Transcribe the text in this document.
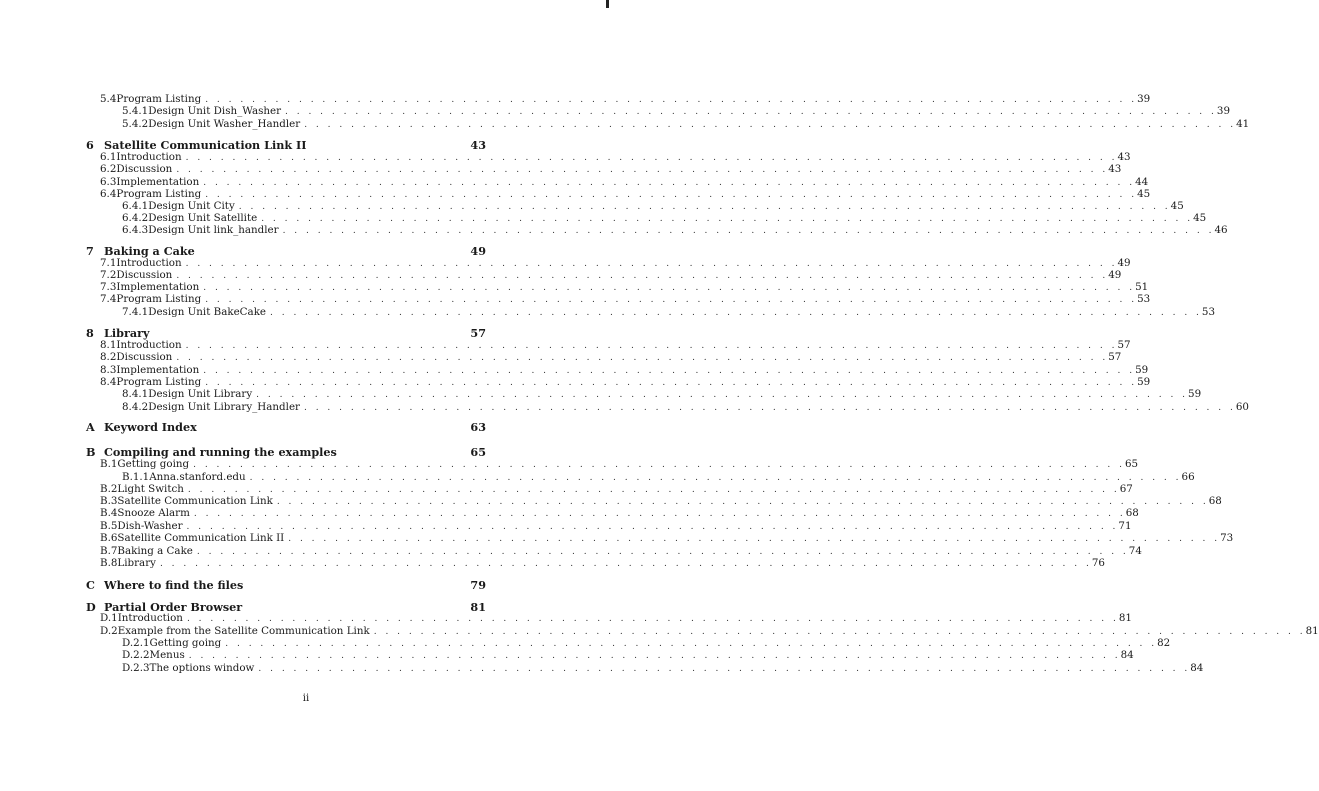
5.4 Program Listing . . . . . . . . . . . . . . . . . . . . . . . . . . . . . . . . . . . . . . . . . . . . . . . . . . . . . . . . . . . . . . . . . . . . . . . . . . . . . . . . 39
5.4.1 Design Unit Dish_Washer . . . . . . . . . . . . . . . . . . . . . . . . . . . . . . . . . . . . . . . . . . . . . . . . . . . . . . . . . . . . . . . . . . . . . . . . . . . . . . . . 39
5.4.2 Design Unit Washer_Handler . . . . . . . . . . . . . . . . . . . . . . . . . . . . . . . . . . . . . . . . . . . . . . . . . . . . . . . . . . . . . . . . . . . . . . . . . . . . . . . . 41
6 Satellite Communication Link II	43
6.1 Introduction . . . . . . . . . . . . . . . . . . . . . . . . . . . . . . . . . . . . . . . . . . . . . . . . . . . . . . . . . . . . . . . . . . . . . . . . . . . . . . . . 43
6.2 Discussion . . . . . . . . . . . . . . . . . . . . . . . . . . . . . . . . . . . . . . . . . . . . . . . . . . . . . . . . . . . . . . . . . . . . . . . . . . . . . . . . 43
6.3 Implementation . . . . . . . . . . . . . . . . . . . . . . . . . . . . . . . . . . . . . . . . . . . . . . . . . . . . . . . . . . . . . . . . . . . . . . . . . . . . . . . . 44
6.4 Program Listing . . . . . . . . . . . . . . . . . . . . . . . . . . . . . . . . . . . . . . . . . . . . . . . . . . . . . . . . . . . . . . . . . . . . . . . . . . . . . . . . 45
6.4.1 Design Unit City . . . . . . . . . . . . . . . . . . . . . . . . . . . . . . . . . . . . . . . . . . . . . . . . . . . . . . . . . . . . . . . . . . . . . . . . . . . . . . . . 45
6.4.2 Design Unit Satellite . . . . . . . . . . . . . . . . . . . . . . . . . . . . . . . . . . . . . . . . . . . . . . . . . . . . . . . . . . . . . . . . . . . . . . . . . . . . . . . . 45
6.4.3 Design Unit link_handler . . . . . . . . . . . . . . . . . . . . . . . . . . . . . . . . . . . . . . . . . . . . . . . . . . . . . . . . . . . . . . . . . . . . . . . . . . . . . . . . 46
7 Baking a Cake	49
7.1 Introduction . . . . . . . . . . . . . . . . . . . . . . . . . . . . . . . . . . . . . . . . . . . . . . . . . . . . . . . . . . . . . . . . . . . . . . . . . . . . . . . . 49
7.2 Discussion . . . . . . . . . . . . . . . . . . . . . . . . . . . . . . . . . . . . . . . . . . . . . . . . . . . . . . . . . . . . . . . . . . . . . . . . . . . . . . . . 49
7.3 Implementation . . . . . . . . . . . . . . . . . . . . . . . . . . . . . . . . . . . . . . . . . . . . . . . . . . . . . . . . . . . . . . . . . . . . . . . . . . . . . . . . 51
7.4 Program Listing . . . . . . . . . . . . . . . . . . . . . . . . . . . . . . . . . . . . . . . . . . . . . . . . . . . . . . . . . . . . . . . . . . . . . . . . . . . . . . . . 53
7.4.1 Design Unit BakeCake . . . . . . . . . . . . . . . . . . . . . . . . . . . . . . . . . . . . . . . . . . . . . . . . . . . . . . . . . . . . . . . . . . . . . . . . . . . . . . . . 53
8 Library	57
8.1 Introduction . . . . . . . . . . . . . . . . . . . . . . . . . . . . . . . . . . . . . . . . . . . . . . . . . . . . . . . . . . . . . . . . . . . . . . . . . . . . . . . . 57
8.2 Discussion . . . . . . . . . . . . . . . . . . . . . . . . . . . . . . . . . . . . . . . . . . . . . . . . . . . . . . . . . . . . . . . . . . . . . . . . . . . . . . . . 57
8.3 Implementation . . . . . . . . . . . . . . . . . . . . . . . . . . . . . . . . . . . . . . . . . . . . . . . . . . . . . . . . . . . . . . . . . . . . . . . . . . . . . . . . 59
8.4 Program Listing . . . . . . . . . . . . . . . . . . . . . . . . . . . . . . . . . . . . . . . . . . . . . . . . . . . . . . . . . . . . . . . . . . . . . . . . . . . . . . . . 59
8.4.1 Design Unit Library . . . . . . . . . . . . . . . . . . . . . . . . . . . . . . . . . . . . . . . . . . . . . . . . . . . . . . . . . . . . . . . . . . . . . . . . . . . . . . . . 59
8.4.2 Design Unit Library_Handler . . . . . . . . . . . . . . . . . . . . . . . . . . . . . . . . . . . . . . . . . . . . . . . . . . . . . . . . . . . . . . . . . . . . . . . . . . . . . . . . 60
A Keyword Index	63
B Compiling and running the examples	65
B.1 Getting going . . . . . . . . . . . . . . . . . . . . . . . . . . . . . . . . . . . . . . . . . . . . . . . . . . . . . . . . . . . . . . . . . . . . . . . . . . . . . . . . 65
B.1.1 Anna.stanford.edu . . . . . . . . . . . . . . . . . . . . . . . . . . . . . . . . . . . . . . . . . . . . . . . . . . . . . . . . . . . . . . . . . . . . . . . . . . . . . . . . 66
B.2 Light Switch . . . . . . . . . . . . . . . . . . . . . . . . . . . . . . . . . . . . . . . . . . . . . . . . . . . . . . . . . . . . . . . . . . . . . . . . . . . . . . . . 67
B.3 Satellite Communication Link . . . . . . . . . . . . . . . . . . . . . . . . . . . . . . . . . . . . . . . . . . . . . . . . . . . . . . . . . . . . . . . . . . . . . . . . . . . . . . . . 68
B.4 Snooze Alarm . . . . . . . . . . . . . . . . . . . . . . . . . . . . . . . . . . . . . . . . . . . . . . . . . . . . . . . . . . . . . . . . . . . . . . . . . . . . . . . . 68
B.5 Dish-Washer . . . . . . . . . . . . . . . . . . . . . . . . . . . . . . . . . . . . . . . . . . . . . . . . . . . . . . . . . . . . . . . . . . . . . . . . . . . . . . . . 71
B.6 Satellite Communication Link II . . . . . . . . . . . . . . . . . . . . . . . . . . . . . . . . . . . . . . . . . . . . . . . . . . . . . . . . . . . . . . . . . . . . . . . . . . . . . . . . 73
B.7 Baking a Cake . . . . . . . . . . . . . . . . . . . . . . . . . . . . . . . . . . . . . . . . . . . . . . . . . . . . . . . . . . . . . . . . . . . . . . . . . . . . . . . . 74
B.8 Library . . . . . . . . . . . . . . . . . . . . . . . . . . . . . . . . . . . . . . . . . . . . . . . . . . . . . . . . . . . . . . . . . . . . . . . . . . . . . . . . 76
C Where to find the files	79
D Partial Order Browser	81
D.1 Introduction . . . . . . . . . . . . . . . . . . . . . . . . . . . . . . . . . . . . . . . . . . . . . . . . . . . . . . . . . . . . . . . . . . . . . . . . . . . . . . . . 81
D.2 Example from the Satellite Communication Link . . . . . . . . . . . . . . . . . . . . . . . . . . . . . . . . . . . . . . . . . . . . . . . . . . . . . . . . . . . . . . . . . . . . . . . . . . . . . . . . 81
D.2.1 Getting going . . . . . . . . . . . . . . . . . . . . . . . . . . . . . . . . . . . . . . . . . . . . . . . . . . . . . . . . . . . . . . . . . . . . . . . . . . . . . . . . 82
D.2.2 Menus . . . . . . . . . . . . . . . . . . . . . . . . . . . . . . . . . . . . . . . . . . . . . . . . . . . . . . . . . . . . . . . . . . . . . . . . . . . . . . . . 84
D.2.3 The options window . . . . . . . . . . . . . . . . . . . . . . . . . . . . . . . . . . . . . . . . . . . . . . . . . . . . . . . . . . . . . . . . . . . . . . . . . . . . . . . . 84
ii
